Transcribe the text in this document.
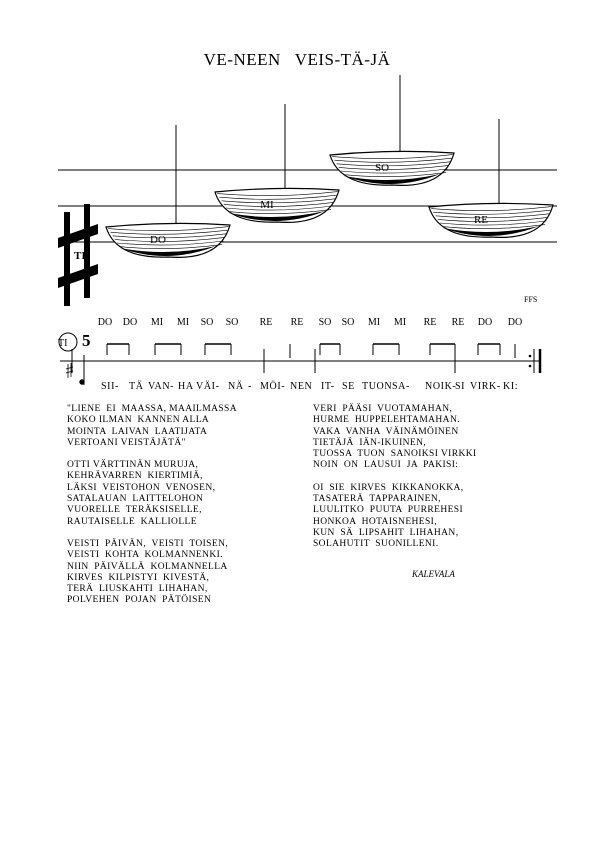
VE-NEEN   VEIS-TÄ-JÄ
TI 5
TI,
DO
MI
SO
RE
FFS
DO DO MI MI SO SO RE RE SO SO MI MI RE RE DO DO
SII- TÄ VAN- HA VÄI- NÄ - MÖI- NEN IT- SE TUON SA- NOIK-
SI VIRK- KI:

"LIENE  EI  MAASSA, MAAILMASSA
KOKO ILMAN  KANNEN ALLA
MOINTA  LAIVAN  LAATIJATA
VERTOANI VEISTÄJÄTÄ"

OTTI VÄRTTINÄN MURUJA,
KEHRÄVARREN  KIERTIMIÄ,
LÄKSI  VEISTOHON  VENOSEN,
SATALAUAN  LAITTELOHON
VUORELLE  TERÄKSISELLE,
RAUTAISELLE  KALLIOLLE

VEISTI  PÄIVÄN,  VEISTI  TOISEN,
VEISTI  KOHTA  KOLMANNENKI.
NIIN  PÄIVÄLLÄ  KOLMANNELLA
KIRVES  KILPISTYI  KIVESTÄ,
TERÄ  LIUSKAHTI  LIHAHAN,
POLVEHEN  POJAN  PÄTÖISEN

VERI  PÄÄSI  VUOTAMAHAN,
HURME  HUPPELEHTAMAHAN.
VAKA  VANHA  VÄINÄMÖINEN
TIETÄJÄ  IÄN-IKUINEN,
TUOSSA  TUON  SANOIKSI VIRKKI
NOIN  ON  LAUSUI  JA  PAKISI:

OI  SIE  KIRVES  KIKKANOKKA,
TASATERÄ  TAPPARAINEN,
LUULITKO  PUUTA  PURREHESI
HONKOA  HOTAISNEHESI,
KUN  SÄ  LIPSAHIT  LIHAHAN,
SOLAHUTIT  SUONILLENI.

KALEVALA
